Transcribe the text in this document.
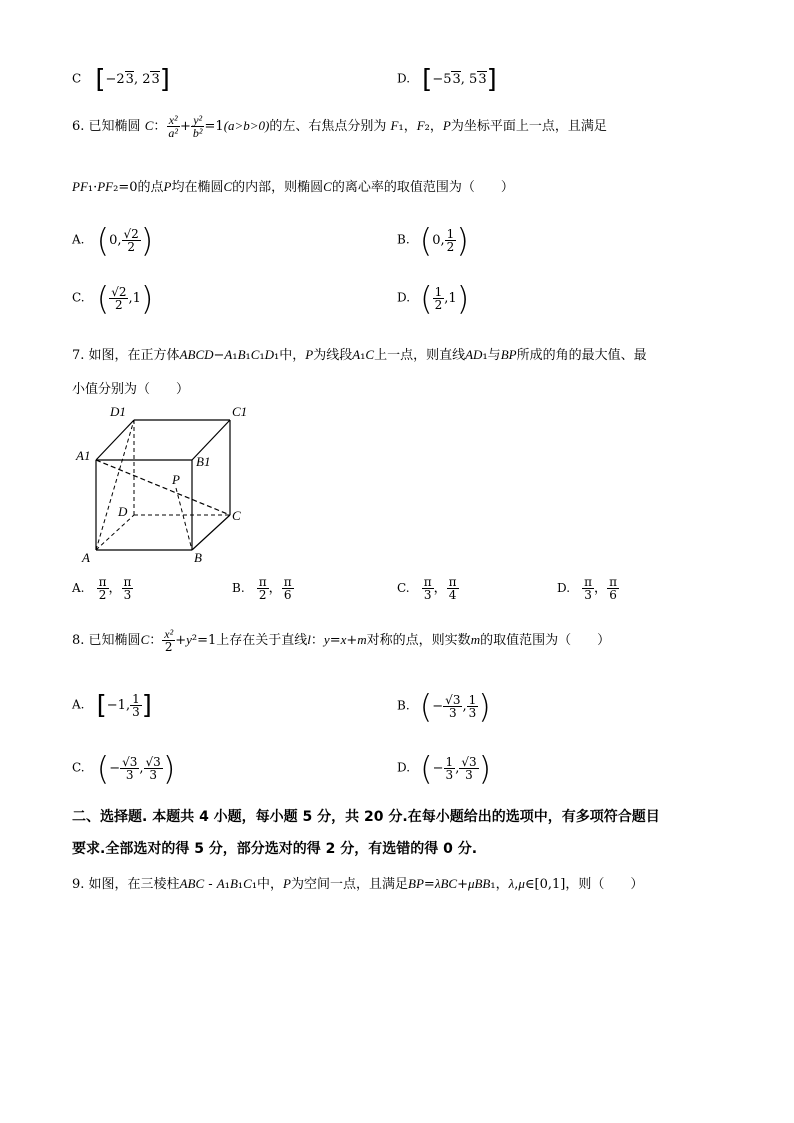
C [−23, 23]	D. [−53, 53]
6. 已知椭圆 C： $\frac{\text{x²}}{\text{a²}} + \frac{\text{y²}}{\text{b²}} =1(a>b>0)$的左、右焦点分别为 F₁，F₂，P为坐标平面上一点，且满足
PF₁·PF₂=0的点P均在椭圆C的内部，则椭圆C的离心率的取值范围为（　　）
A. (0, $\frac{√2}{2}$ )	B. (0, $\frac{1}{2}$ )
C. ( $\frac{√2}{2} ,1$)	D. ( $\frac{1}{2} ,1$)
7. 如图，在正方体ABCD−A₁B₁C₁D₁中，P为线段A₁C上一点，则直线AD₁与BP所成的角的最大值、最
小值分别为（　　）
D1	C1
A1	B1
P
D	C
A	B
A. $\frac{\pi}{2}$ ， $\frac{\pi}{3}$	B. $\frac{\pi}{2}$ ， $\frac{\pi}{6}$	C. $\frac{\pi}{3}$ ， $\frac{\pi}{4}$	D. $\frac{\pi}{3}$ ， $\frac{\pi}{6}$
8. 已知椭圆C： $\frac{\text{x²}}{2} +y^2=1$上存在关于直线l：y=x+m对称的点，则实数m的取值范围为（　　）
A. [−1, $\frac{1}{3}$ ]	B. (− $\frac{√3}{3}$ , $\frac{1}{3}$ )
C. (− $\frac{√3}{3}$ , $\frac{√3}{3}$ )	D. (− $\frac{1}{3}$ , $\frac{√3}{3}$ )
二、选择题. 本题共 4 小题，每小题 5 分，共 20 分.在每小题给出的选项中，有多项符合题目
要求.全部选对的得 5 分，部分选对的得 2 分，有选错的得 0 分.
9. 如图，在三棱柱ABC - A₁B₁C₁中，P为空间一点，且满足BP=λBC+μBB₁，λ,μ∈[0,1]，则（　　）
